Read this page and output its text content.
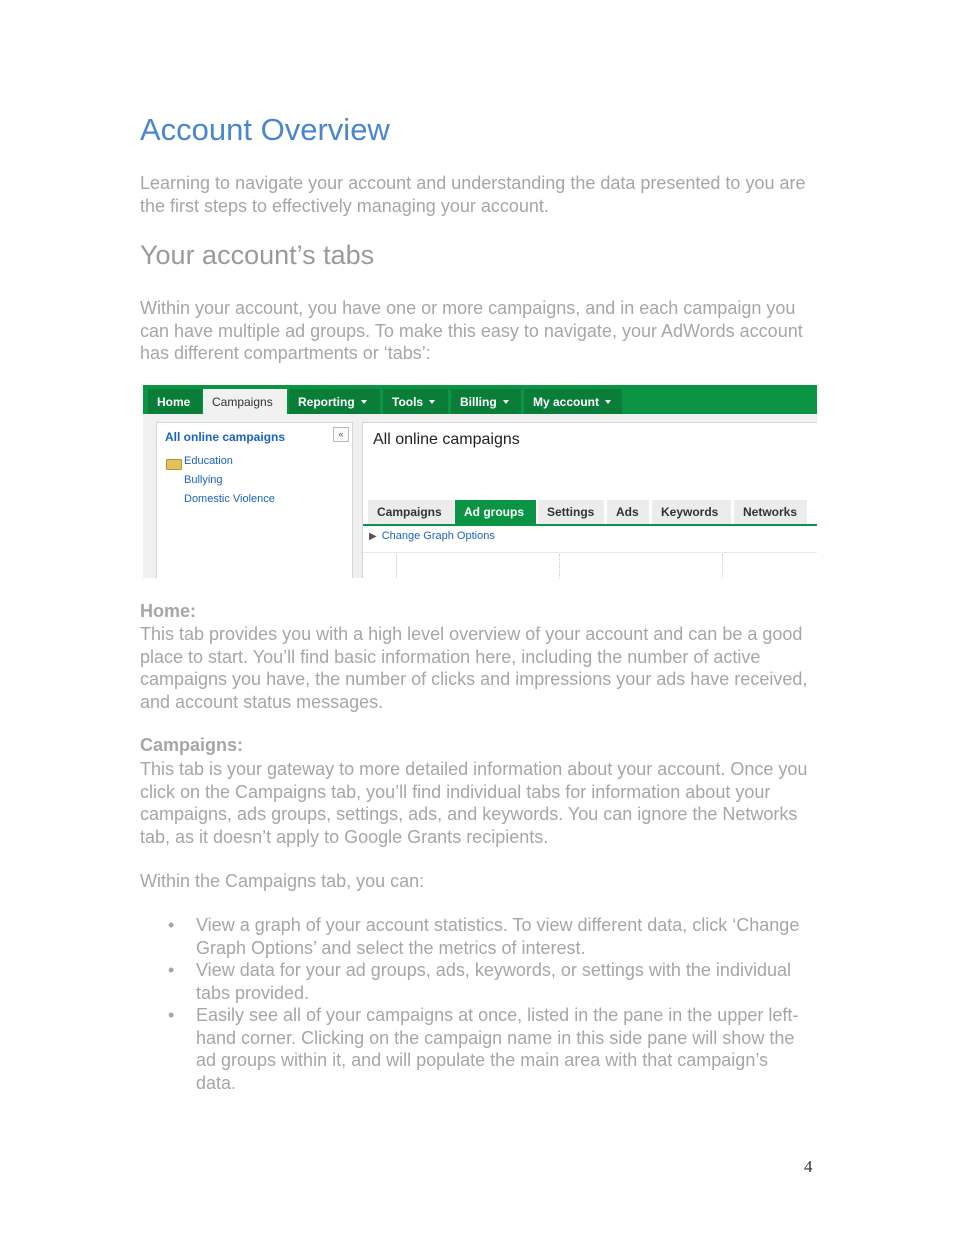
Account Overview

Learning to navigate your account and understanding the data presented to you are the first steps to effectively managing your account.

Your account’s tabs

Within your account, you have one or more campaigns, and in each campaign you can have multiple ad groups. To make this easy to navigate, your AdWords account has different compartments or ‘tabs’:

Home	Campaigns	Reporting	Tools	Billing	My account
All online campaigns	«
Education
Bullying
Domestic Violence
All online campaigns
Campaigns	Ad groups	Settings	Ads	Keywords	Networks
▶ Change Graph Options
Home:

This tab provides you with a high level overview of your account and can be a good place to start. You’ll find basic information here, including the number of active campaigns you have, the number of clicks and impressions your ads have received, and account status messages.

Campaigns:

This tab is your gateway to more detailed information about your account. Once you click on the Campaigns tab, you’ll find individual tabs for information about your campaigns, ads groups, settings, ads, and keywords. You can ignore the Networks tab, as it doesn’t apply to Google Grants recipients.

Within the Campaigns tab, you can:

• View a graph of your account statistics. To view different data, click ‘Change Graph Options’ and select the metrics of interest.
• View data for your ad groups, ads, keywords, or settings with the individual tabs provided.
• Easily see all of your campaigns at once, listed in the pane in the upper left-hand corner. Clicking on the campaign name in this side pane will show the ad groups within it, and will populate the main area with that campaign’s data.
4
